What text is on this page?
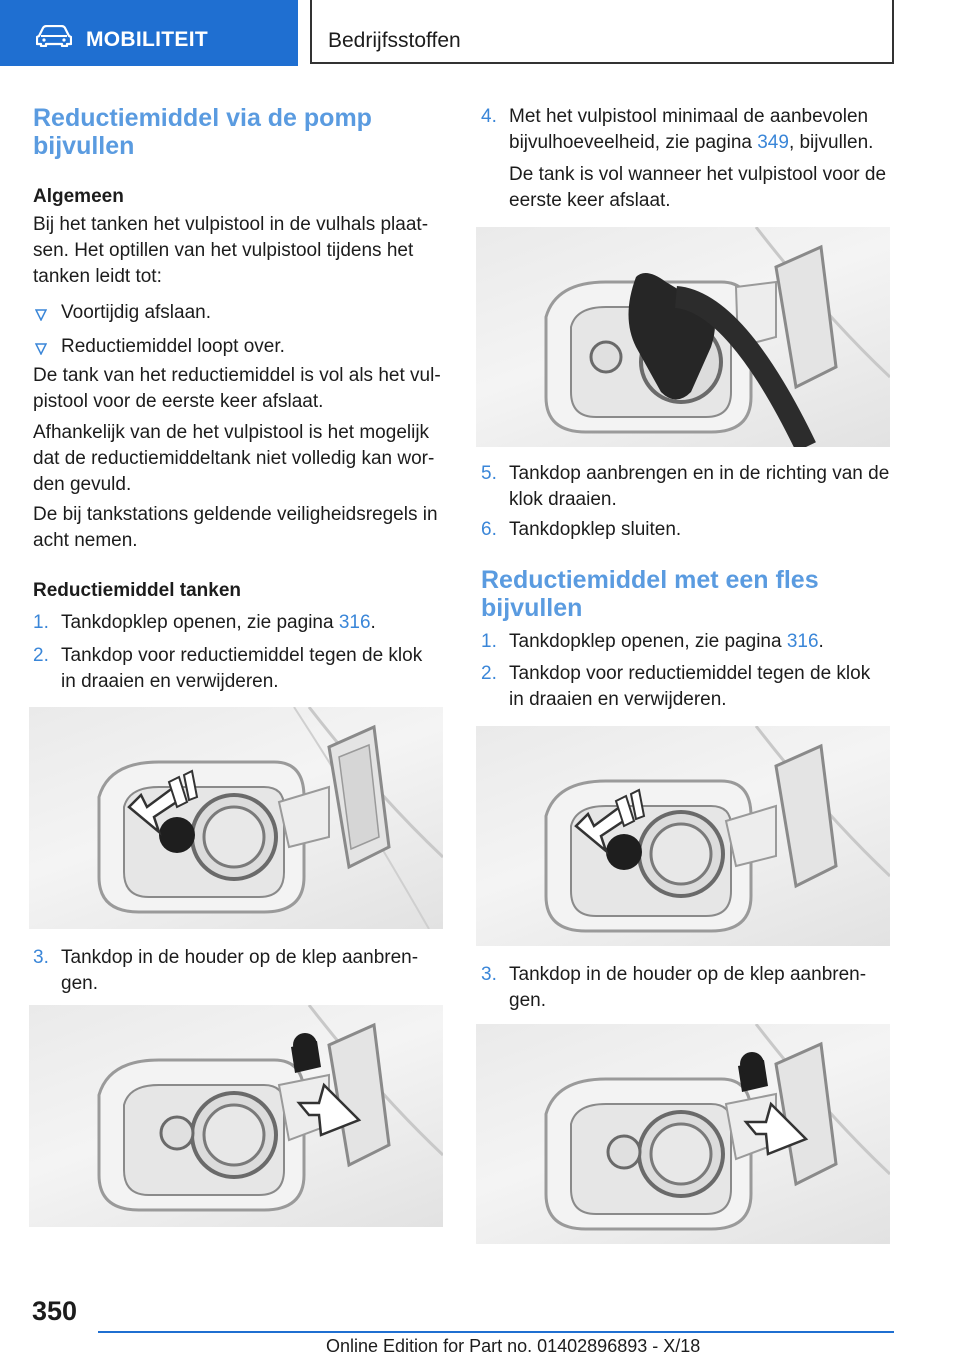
MOBILITEIT	Bedrijfsstoffen
Reductiemiddel via de pomp
bijvullen
Algemeen
Bij het tanken het vulpistool in de vulhals plaat-
sen. Het optillen van het vulpistool tijdens het
tanken leidt tot:
Voortijdig afslaan.
Reductiemiddel loopt over.
De tank van het reductiemiddel is vol als het vul-
pistool voor de eerste keer afslaat.
Afhankelijk van de het vulpistool is het mogelijk
dat de reductiemiddeltank niet volledig kan wor-
den gevuld.
De bij tankstations geldende veiligheidsregels in
acht nemen.
Reductiemiddel tanken
1. Tankdopklep openen, zie pagina 316.
2. Tankdop voor reductiemiddel tegen de klok
in draaien en verwijderen.
3. Tankdop in de houder op de klep aanbren-
gen.
4. Met het vulpistool minimaal de aanbevolen
bijvulhoeveelheid, zie pagina 349, bijvullen.
De tank is vol wanneer het vulpistool voor de
eerste keer afslaat.
5. Tankdop aanbrengen en in de richting van de
klok draaien.
6. Tankdopklep sluiten.
Reductiemiddel met een fles
bijvullen
1. Tankdopklep openen, zie pagina 316.
2. Tankdop voor reductiemiddel tegen de klok
in draaien en verwijderen.
3. Tankdop in de houder op de klep aanbren-
gen.
350
Online Edition for Part no. 01402896893 - X/18
